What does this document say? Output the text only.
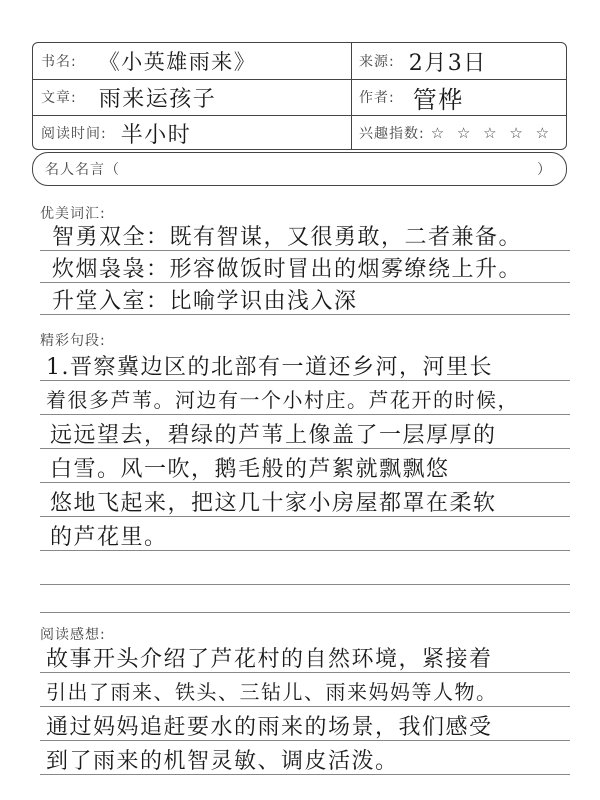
书名: 《小英雄雨来》	来源: 2月3日
文章: 雨来运孩子	作者: 管桦
阅读时间: 半小时	兴趣指数: ☆ ☆ ☆ ☆ ☆
名人名言（	）
优美词汇:
智勇双全：既有智谋，又很勇敢，二者兼备。
炊烟袅袅：形容做饭时冒出的烟雾缭绕上升。
升堂入室：比喻学识由浅入深
精彩句段:
1.晋察冀边区的北部有一道还乡河，河里长
着很多芦苇。河边有一个小村庄。芦花开的时候，
远远望去，碧绿的芦苇上像盖了一层厚厚的
白雪。风一吹，鹅毛般的芦絮就飘飘悠
悠地飞起来，把这几十家小房屋都罩在柔软
的芦花里。
阅读感想:
故事开头介绍了芦花村的自然环境，紧接着
引出了雨来、铁头、三钻儿、雨来妈妈等人物。
通过妈妈追赶要水的雨来的场景，我们感受
到了雨来的机智灵敏、调皮活泼。
